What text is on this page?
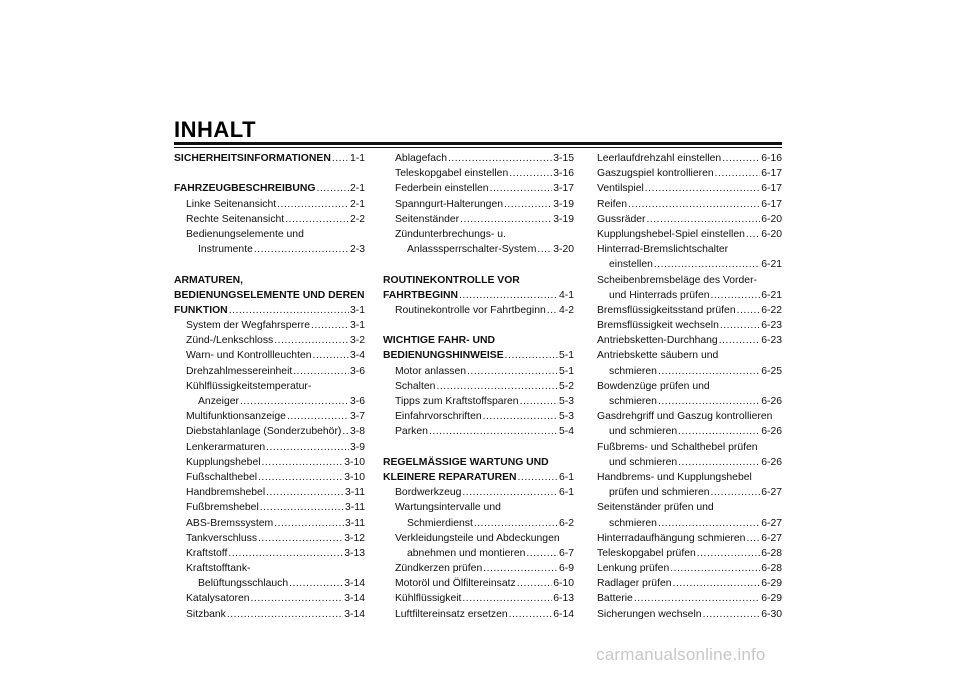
INHALT
SICHERHEITSINFORMATIONEN ..... 1-1
FAHRZEUGBESCHREIBUNG .....	2-1
Linke Seitenansicht .....	2-1
Rechte Seitenansicht .....	2-2
Bedienungselemente und
Instrumente .....	2-3
ARMATUREN,
BEDIENUNGSELEMENTE UND DEREN
FUNKTION .....	3-1
System der Wegfahrsperre .....	3-1
Zünd-/Lenkschloss .....	3-2
Warn- und Kontrollleuchten .....	3-4
Drehzahlmessereinheit .....	3-6
Kühlflüssigkeitstemperatur-
Anzeiger .....	3-6
Multifunktionsanzeige .....	3-7
Diebstahlanlage (Sonderzubehör) ..... 3-8
Lenkerarmaturen .....	3-9
Kupplungshebel .....	3-10
Fußschalthebel .....	3-10
Handbremshebel .....	3-11
Fußbremshebel .....	3-11
ABS-Bremssystem .....	3-11
Tankverschluss .....	3-12
Kraftstoff .....	3-13
Kraftstofftank-
Belüftungsschlauch .....	3-14
Katalysatoren .....	3-14
Sitzbank .....	3-14
Ablagefach .....	3-15
Teleskopgabel einstellen .....	3-16
Federbein einstellen .....	3-17
Spanngurt-Halterungen .....	3-19
Seitenständer .....	3-19
Zündunterbrechungs- u.
Anlasssperrschalter-System ..... 3-20
ROUTINEKONTROLLE VOR
FAHRTBEGINN .....	4-1
Routinekontrolle vor Fahrtbeginn ..... 4-2
WICHTIGE FAHR- UND
BEDIENUNGSHINWEISE .....	5-1
Motor anlassen .....	5-1
Schalten .....	5-2
Tipps zum Kraftstoffsparen .....	5-3
Einfahrvorschriften .....	5-3
Parken .....	5-4
REGELMÄSSIGE WARTUNG UND
KLEINERE REPARATUREN .....	6-1
Bordwerkzeug .....	6-1
Wartungsintervalle und
Schmierdienst .....	6-2
Verkleidungsteile und Abdeckungen
abnehmen und montieren .....	6-7
Zündkerzen prüfen .....	6-9
Motoröl und Ölfiltereinsatz .....	6-10
Kühlflüssigkeit .....	6-13
Luftfiltereinsatz ersetzen .....	6-14
Leerlaufdrehzahl einstellen .....	6-16
Gaszugspiel kontrollieren .....	6-17
Ventilspiel .....	6-17
Reifen .....	6-17
Gussräder .....	6-20
Kupplungshebel-Spiel einstellen ..... 6-20
Hinterrad-Bremslichtschalter
einstellen .....	6-21
Scheibenbremsbeläge des Vorder-
und Hinterrads prüfen .....	6-21
Bremsflüssigkeitsstand prüfen ..... 6-22
Bremsflüssigkeit wechseln .....	6-23
Antriebsketten-Durchhang .....	6-23
Antriebskette säubern und
schmieren .....	6-25
Bowdenzüge prüfen und
schmieren .....	6-26
Gasdrehgriff und Gaszug kontrollieren
und schmieren .....	6-26
Fußbrems- und Schalthebel prüfen
und schmieren .....	6-26
Handbrems- und Kupplungshebel
prüfen und schmieren .....	6-27
Seitenständer prüfen und
schmieren .....	6-27
Hinterradaufhängung schmieren ..... 6-27
Teleskopgabel prüfen .....	6-28
Lenkung prüfen .....	6-28
Radlager prüfen .....	6-29
Batterie .....	6-29
Sicherungen wechseln .....	6-30
carmanualsonline.info
